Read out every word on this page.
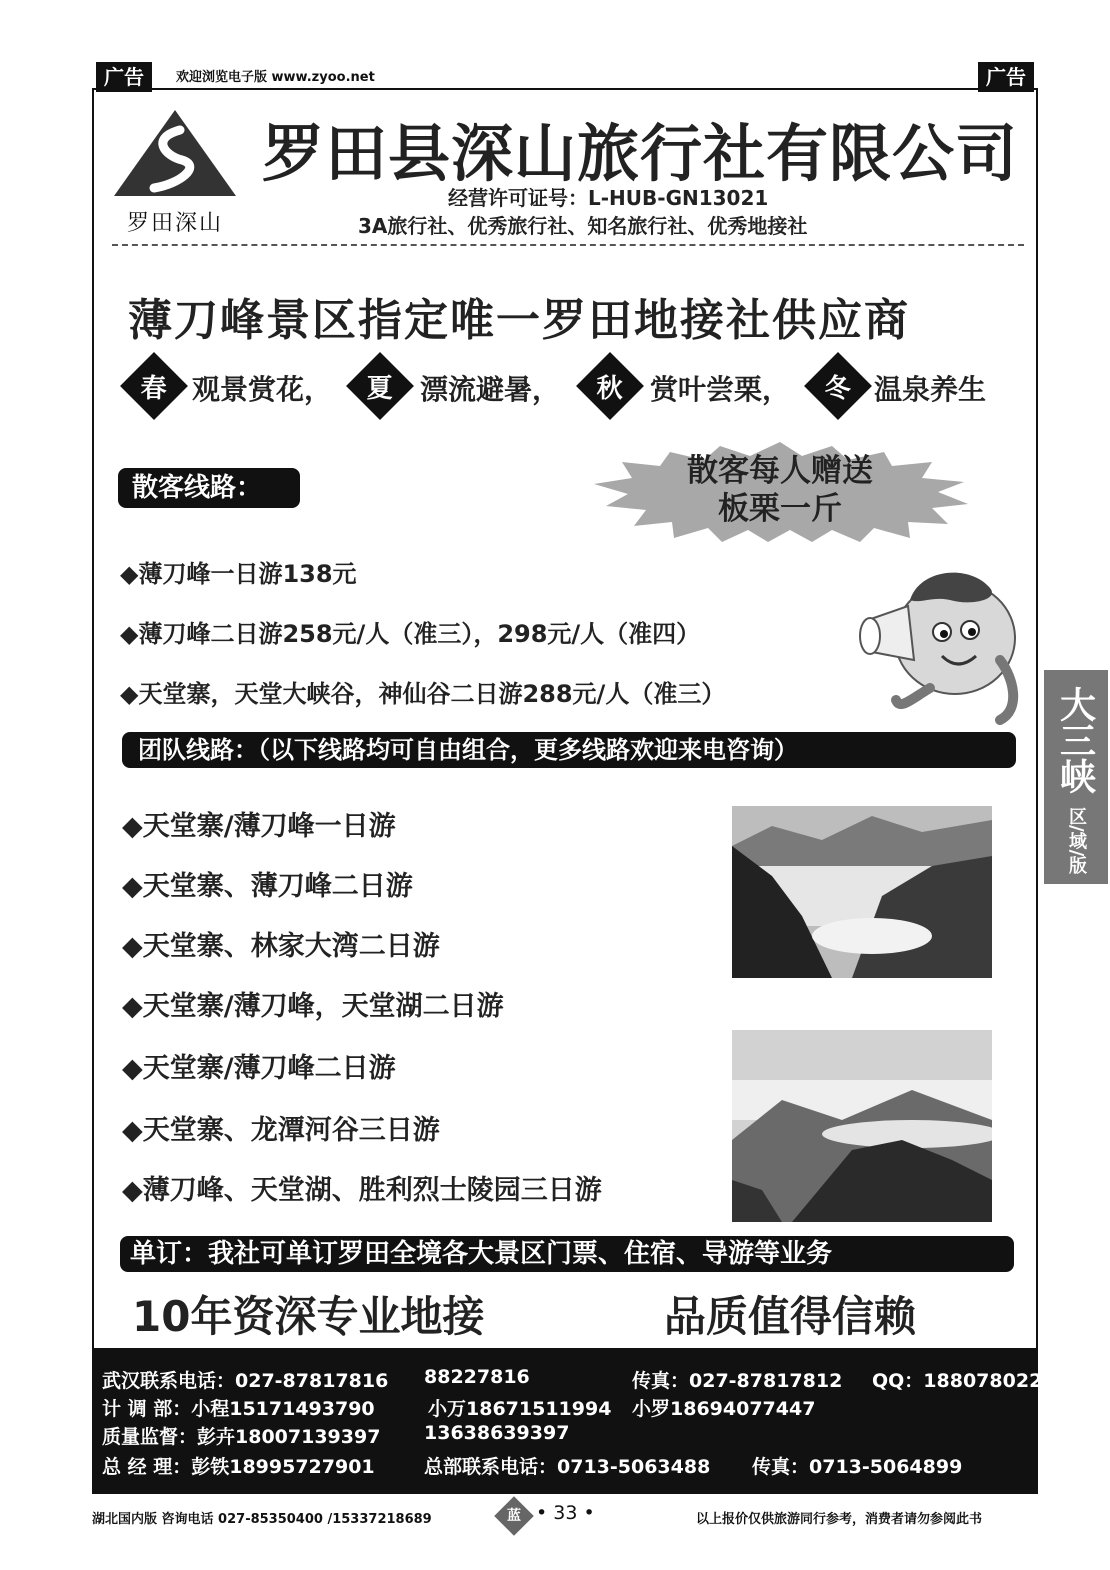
广告	欢迎浏览电子版 www.zyoo.net	广告
罗田深山
罗田县深山旅行社有限公司
经营许可证号：L-HUB-GN13021
3A旅行社、优秀旅行社、知名旅行社、优秀地接社
薄刀峰景区指定唯一罗田地接社供应商
春 观景赏花， 夏 漂流避暑， 秋 赏叶尝栗， 冬 温泉养生
散客线路：	散客每人赠送
板栗一斤
◆薄刀峰一日游138元
◆薄刀峰二日游258元/人（准三），298元/人（准四）
◆天堂寨，天堂大峡谷，神仙谷二日游288元/人（准三）
团队线路：（以下线路均可自由组合，更多线路欢迎来电咨询）
◆天堂寨/薄刀峰一日游
◆天堂寨、薄刀峰二日游
◆天堂寨、林家大湾二日游
◆天堂寨/薄刀峰，天堂湖二日游
◆天堂寨/薄刀峰二日游
◆天堂寨、龙潭河谷三日游
◆薄刀峰、天堂湖、胜利烈士陵园三日游
单订：我社可单订罗田全境各大景区门票、住宿、导游等业务
10年资深专业地接	品质值得信赖
武汉联系电话：027-87817816 88227816	传真：027-87817812 QQ：188078022
计 调 部：小程15171493790	小万18671511994 小罗18694077447
质量监督：彭卉18007139397 13638639397
总 经 理：彭铁18995727901	总部联系电话：0713-5063488 传真：0713-5064899
大三峡
区/域/版
湖北国内版 咨询电话 027-85350400 /15337218689	蓝 • 33 •	以上报价仅供旅游同行参考，消费者请勿参阅此书
